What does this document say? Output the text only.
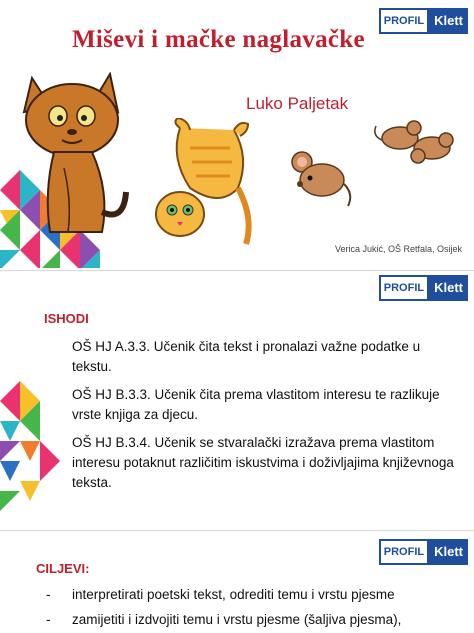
PROFIL Klett
Miševi i mačke naglavačke
Luko Paljetak
Verica Jukić, OŠ Retfala, Osijek
PROFIL Klett
ISHODI

OŠ HJ A.3.3. Učenik čita tekst i pronalazi važne podatke u tekstu.

OŠ HJ B.3.3. Učenik čita prema vlastitom interesu te razlikuje vrste knjiga za djecu.

OŠ HJ B.3.4. Učenik se stvaralački izražava prema vlastitom interesu potaknut različitim iskustvima i doživljajima književnoga teksta.

PROFIL Klett
CILJEVI:
- interpretirati poetski tekst, odrediti temu i vrstu pjesme
- zamijetiti i izdvojiti temu i vrstu pjesme (šaljiva pjesma),
